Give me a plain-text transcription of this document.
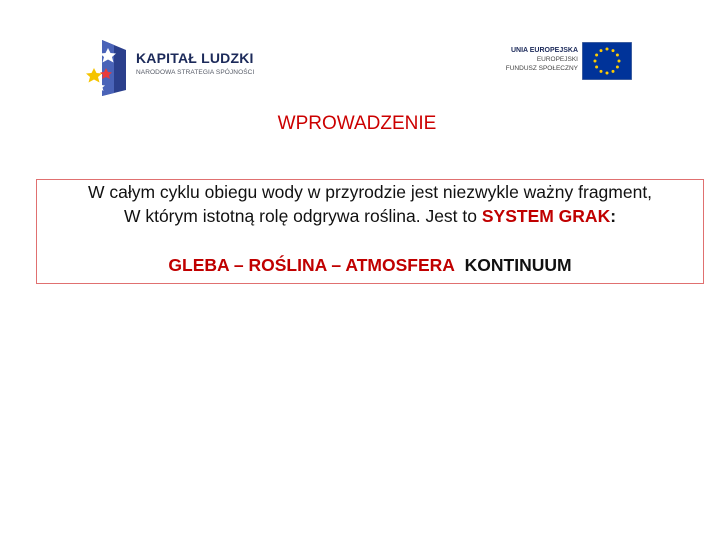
KAPITAŁ LUDZKI
NARODOWA STRATEGIA SPÓJNOŚCI
UNIA EUROPEJSKA
EUROPEJSKI
FUNDUSZ SPOŁECZNY
WPROWADZENIE
W całym cyklu obiegu wody w przyrodzie jest niezwykle ważny fragment,
W którym istotną rolę odgrywa roślina. Jest to SYSTEM GRAK:
GLEBA – ROŚLINA – ATMOSFERA KONTINUUM
